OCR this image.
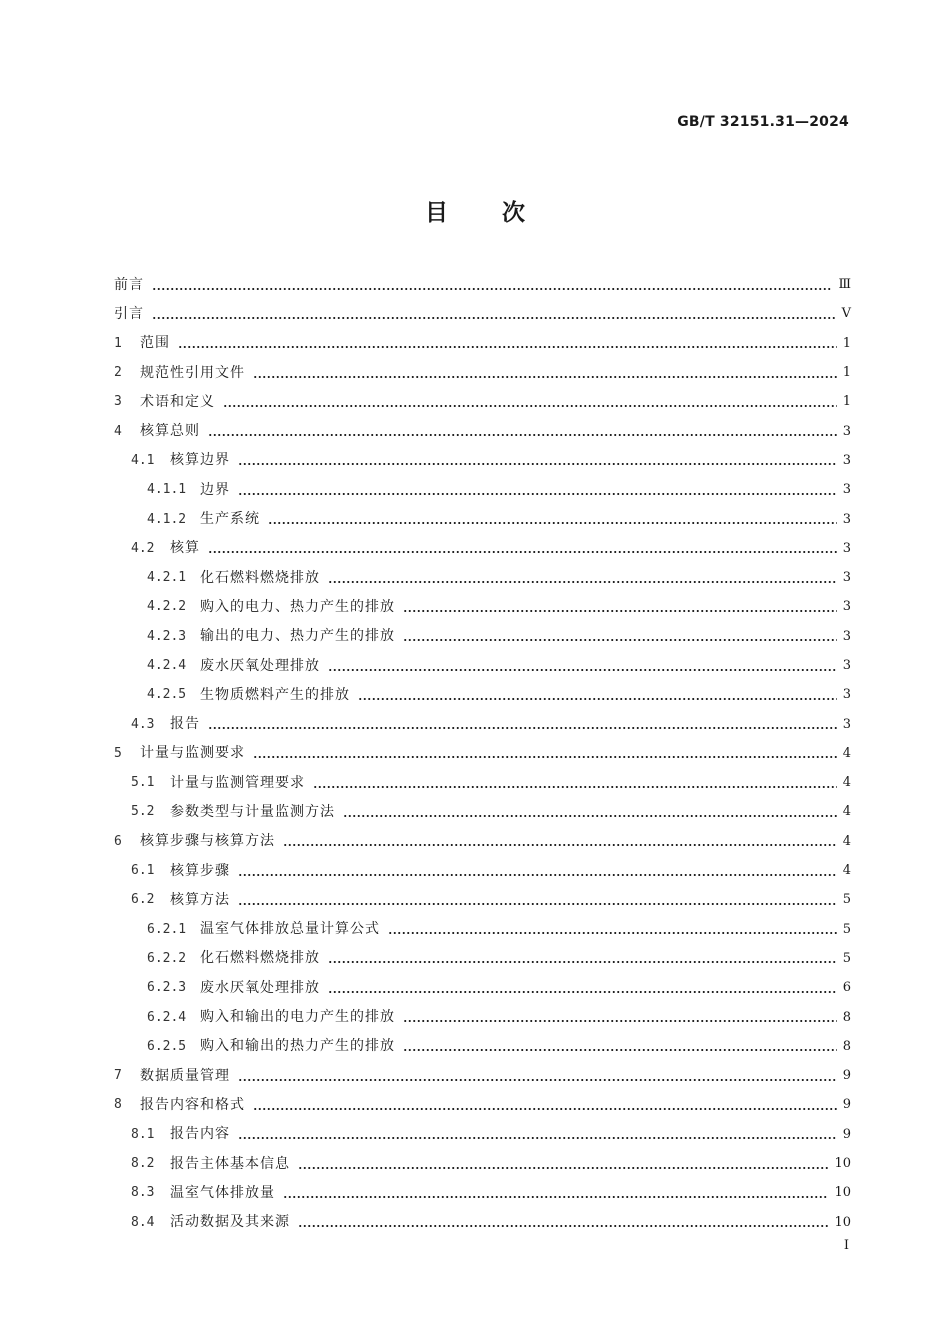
GB/T 32151.31—2024
目 次
前言	Ⅲ
引言	Ⅴ
1	范围	1
2	规范性引用文件	1
3	术语和定义	1
4	核算总则	3
4.1	核算边界	3
4.1.1 边界	3
4.1.2 生产系统	3
4.2	核算	3
4.2.1 化石燃料燃烧排放	3
4.2.2 购入的电力、热力产生的排放	3
4.2.3 输出的电力、热力产生的排放	3
4.2.4 废水厌氧处理排放	3
4.2.5 生物质燃料产生的排放	3
4.3	报告	3
5	计量与监测要求	4
5.1	计量与监测管理要求	4
5.2	参数类型与计量监测方法	4
6	核算步骤与核算方法	4
6.1	核算步骤	4
6.2	核算方法	5
6.2.1 温室气体排放总量计算公式	5
6.2.2 化石燃料燃烧排放	5
6.2.3 废水厌氧处理排放	6
6.2.4 购入和输出的电力产生的排放	8
6.2.5 购入和输出的热力产生的排放	8
7	数据质量管理	9
8	报告内容和格式	9
8.1	报告内容	9
8.2	报告主体基本信息	10
8.3	温室气体排放量	10
8.4	活动数据及其来源	10
Ⅰ
